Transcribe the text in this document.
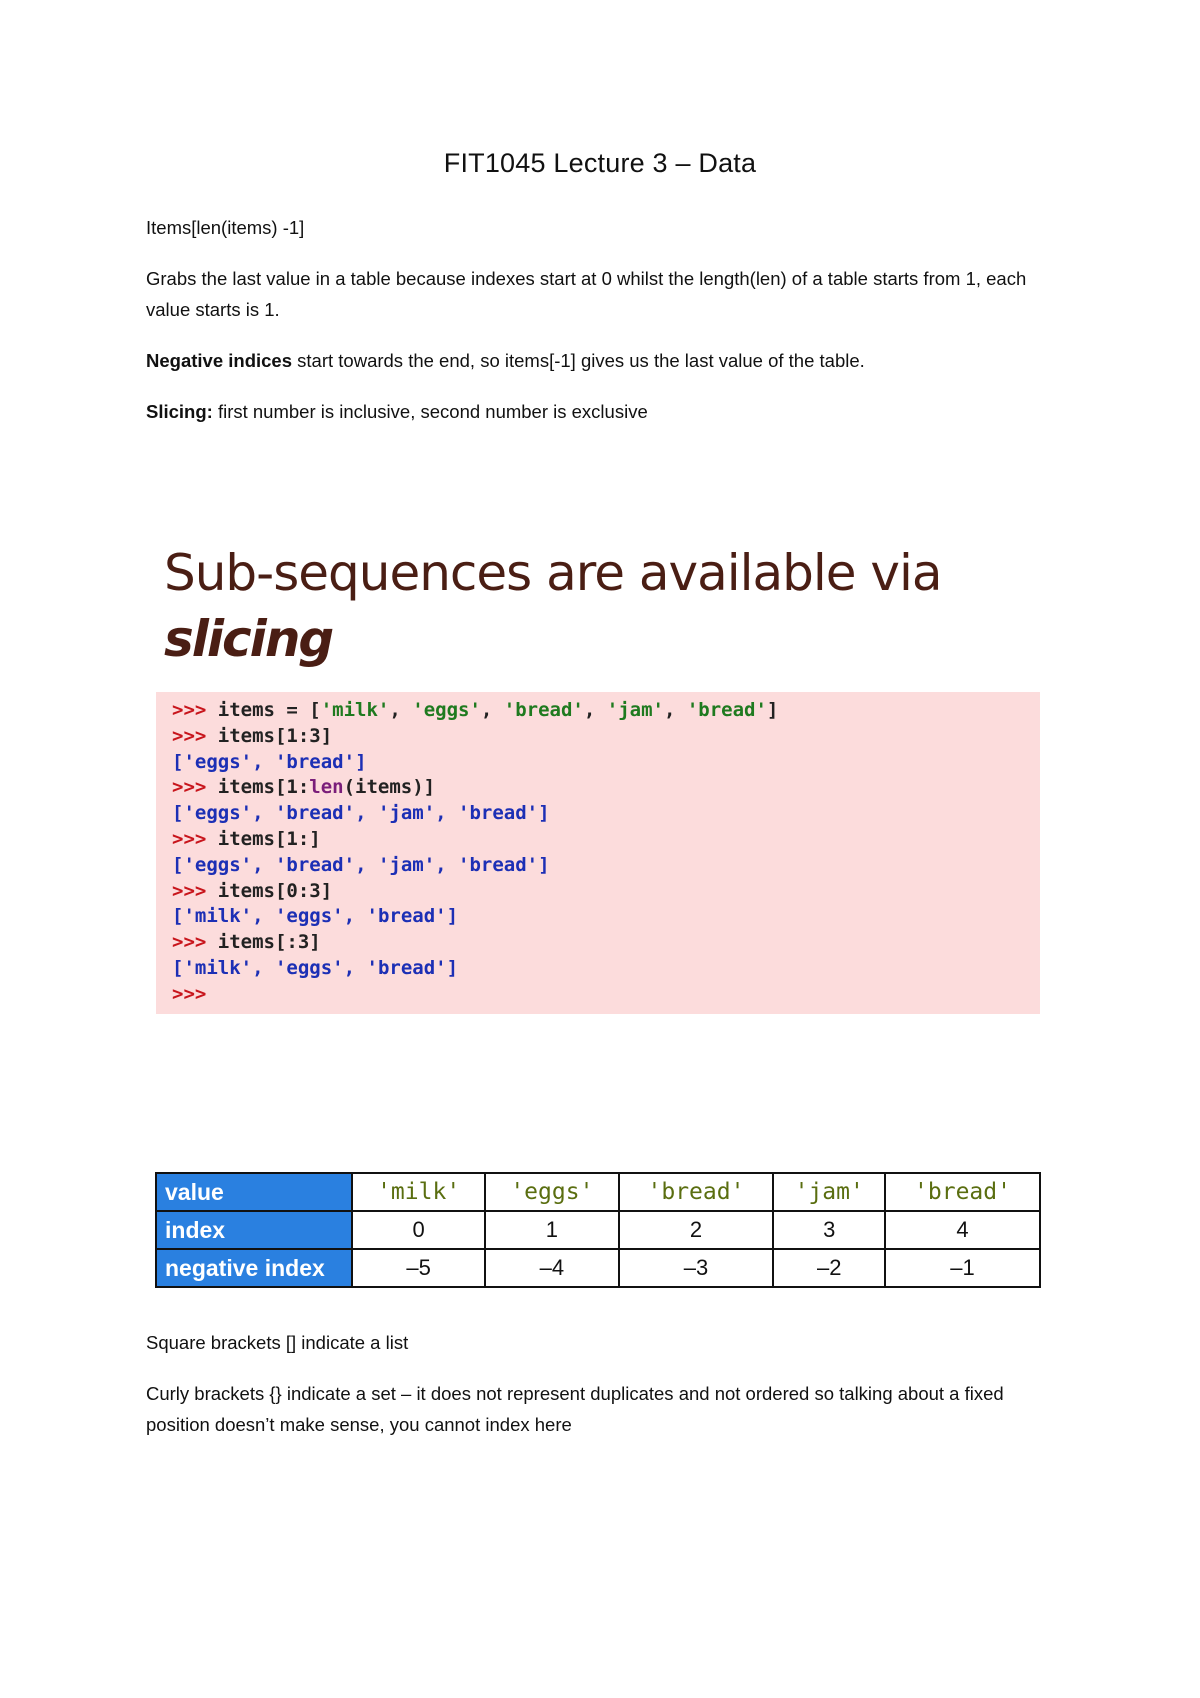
FIT1045 Lecture 3 – Data
Items[len(items) -1]
Grabs the last value in a table because indexes start at 0 whilst the length(len) of a table starts from 1, each value starts is 1.
Negative indices start towards the end, so items[-1] gives us the last value of the table.
Slicing: first number is inclusive, second number is exclusive
Sub-sequences are available via
slicing
>>> items = ['milk', 'eggs', 'bread', 'jam', 'bread']
>>> items[1:3]
['eggs', 'bread']
>>> items[1:len(items)]
['eggs', 'bread', 'jam', 'bread']
>>> items[1:]
['eggs', 'bread', 'jam', 'bread']
>>> items[0:3]
['milk', 'eggs', 'bread']
>>> items[:3]
['milk', 'eggs', 'bread']
>>>
value	'milk'	'eggs'	'bread'	'jam'	'bread'
index	0	1	2	3	4
negative index	–5	–4	–3	–2	–1
Square brackets [] indicate a list
Curly brackets {} indicate a set – it does not represent duplicates and not ordered so talking about a fixed position doesn’t make sense, you cannot index here
